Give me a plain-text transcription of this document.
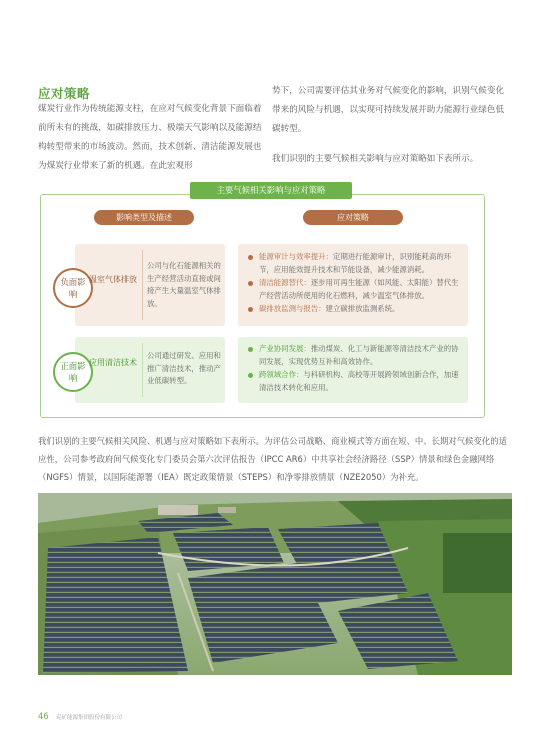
应对策略
煤炭行业作为传统能源支柱，在应对气候变化背景下面临着前所未有的挑战，如碳排放压力、极端天气影响以及能源结构转型带来的市场波动。然而，技术创新、清洁能源发展也为煤炭行业带来了新的机遇。在此宏观形
势下，公司需要评估其业务对气候变化的影响，识别气候变化带来的风险与机遇，以实现可持续发展并助力能源行业绿色低碳转型。
我们识别的主要气候相关影响与应对策略如下表所示。
主要气候相关影响与应对策略
影响类型及描述	应对策略
负面影响
温室气体排放
公司与化石能源相关的生产经营活动直接或间接产生大量温室气体排放。
能源审计与效率提升：定期进行能源审计，识别能耗高的环节，应用能效提升技术和节能设备，减少能源消耗。
清洁能源替代：逐步用可再生能源（如风能、太阳能）替代生产经营活动所使用的化石燃料，减少温室气体排放。
碳排放监测与报告：建立碳排放监测系统。
正面影响
应用清洁技术
公司通过研发、应用和推广清洁技术，推动产业低碳转型。
产业协同发展：推动煤炭、化工与新能源等清洁技术产业的协同发展，实现优势互补和高效协作。
跨领域合作：与科研机构、高校等开展跨领域创新合作，加速清洁技术转化和应用。
我们识别的主要气候相关风险、机遇与应对策略如下表所示。为评估公司战略、商业模式等方面在短、中、长期对气候变化的适应性，公司参考政府间气候变化专门委员会第六次评估报告（IPCC AR6）中共享社会经济路径（SSP）情景和绿色金融网络（NGFS）情景，以国际能源署（IEA）既定政策情景（STEPS）和净零排放情景（NZE2050）为补充。
46 兖矿能源集团股份有限公司
